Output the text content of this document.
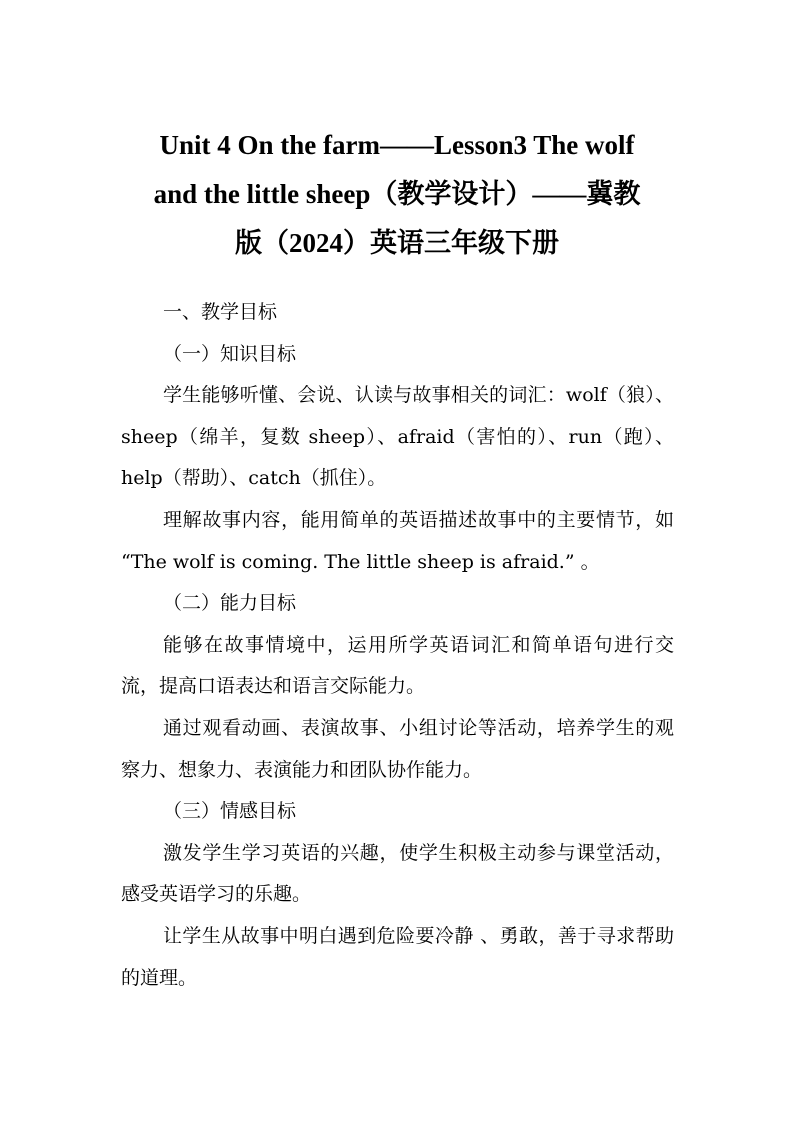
Unit 4 On the farm——Lesson3 The wolf
and the little sheep（教学设计）——冀教
版（2024）英语三年级下册

一、教学目标

（一）知识目标

学生能够听懂、会说、认读与故事相关的词汇：wolf（狼）、sheep（绵羊，复数 sheep）、afraid（害怕的）、run（跑）、help（帮助）、catch（抓住）。

理解故事内容，能用简单的英语描述故事中的主要情节，如 “The wolf is coming. The little sheep is afraid.” 。

（二）能力目标

能够在故事情境中，运用所学英语词汇和简单语句进行交流，提高口语表达和语言交际能力。

通过观看动画、表演故事、小组讨论等活动，培养学生的观察力、想象力、表演能力和团队协作能力。

（三）情感目标

激发学生学习英语的兴趣，使学生积极主动参与课堂活动，感受英语学习的乐趣。

让学生从故事中明白遇到危险要冷静 、勇敢，善于寻求帮助的道理。
